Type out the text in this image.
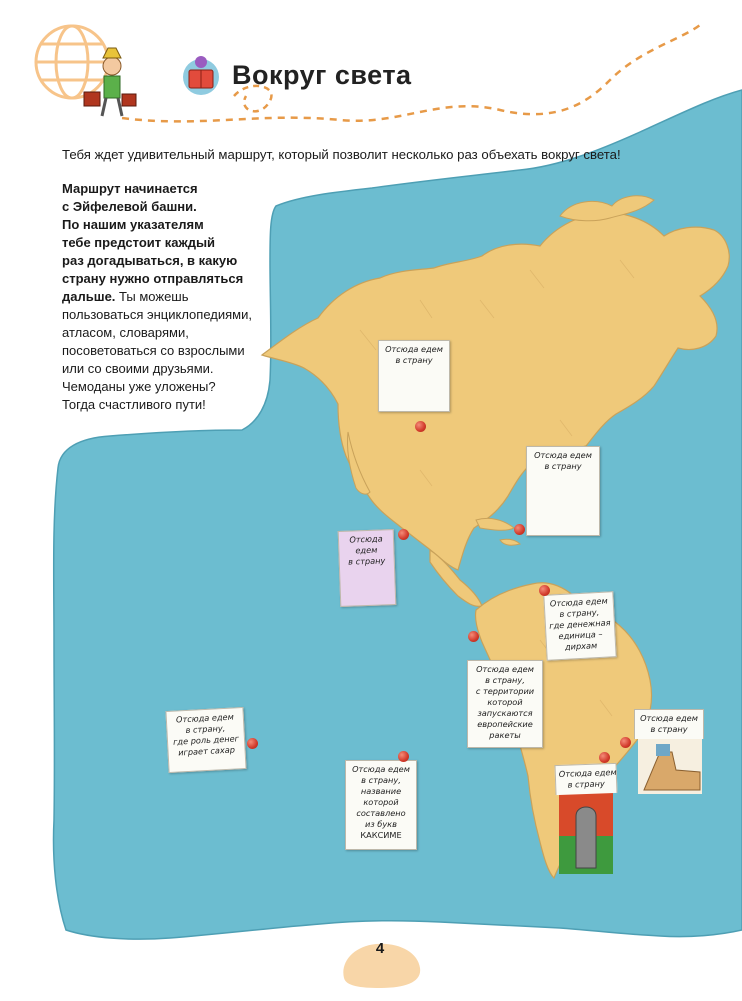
Вокруг света
Тебя ждет удивительный маршрут, который позволит несколько раз объехать вокруг света!
Маршрут начинается
с Эйфелевой башни.
По нашим указателям
тебе предстоит каждый
раз догадываться, в какую
страну нужно отправляться
дальше. Ты можешь
пользоваться энциклопедиями,
атласом, словарями,
посоветоваться со взрослыми
или со своими друзьями.
Чемоданы уже уложены?
Тогда счастливого пути!
Отсюда едем
в страну
Отсюда едем
в страну
Отсюда
едем
в страну
Отсюда едем
в страну,
где денежная
единица –
дирхам
Отсюда едем
в страну,
с территории
которой
запускаются
европейские
ракеты
Отсюда едем
в страну,
где роль денег
играет сахар
Отсюда едем
в страну,
название
которой
составлено
из букв
КАКСИМЕ
Отсюда едем
в страну
Отсюда едем
в страну
4
